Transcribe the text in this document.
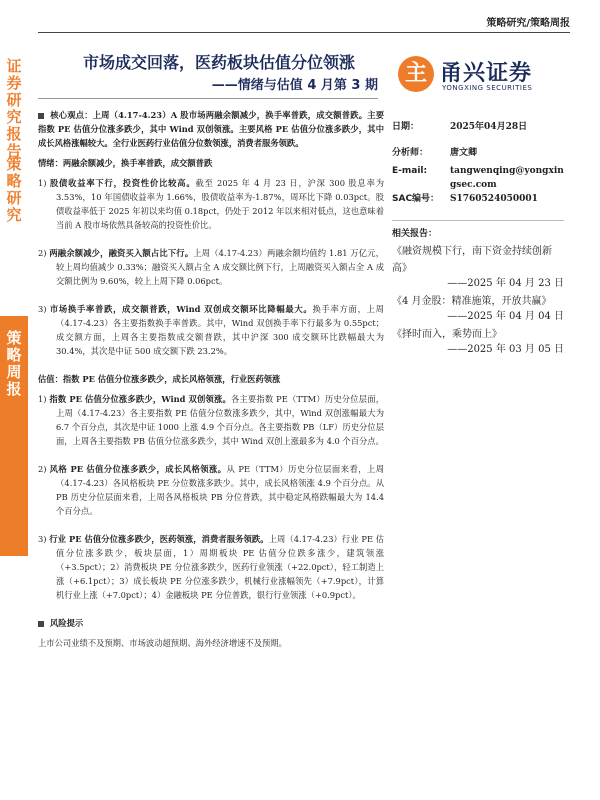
证券研究报告
策略研究
策略周报
策略研究/策略周报
市场成交回落，医药板块估值分位领涨
——情绪与估值 4 月第 3 期	主 甬兴证券
YONGXING SECURITIES

核心观点：上周（4.17-4.23）A 股市场两融余额减少，换手率普跌，成交额普跌。主要指数 PE 估值分位涨多跌少，其中 Wind 双创领涨。主要风格 PE 估值分位涨多跌少，其中成长风格涨幅较大。全行业医药行业估值分位数领涨，消费者服务领跌。

情绪：两融余额减少，换手率普跌，成交额普跌

1) 股债收益率下行，投资性价比较高。截至 2025 年 4 月 23 日，沪深 300 股息率为 3.53%，10 年国债收益率为 1.66%，股债收益率为-1.87%，周环比下降 0.03pct。股债收益率低于 2025 年初以来均值 0.18pct，仍处于 2012 年以来相对低点，这也意味着当前 A 股市场依然具备较高的投资性价比。
2) 两融余额减少，融资买入额占比下行。上周（4.17-4.23）两融余额均值约 1.81 万亿元，较上周均值减少 0.33%；融资买入额占全 A 成交额比例下行，上周融资买入额占全 A 成交额比例为 9.60%，较上上周下降 0.06pct。
3) 市场换手率普跌，成交额普跌，Wind 双创成交额环比降幅最大。换手率方面，上周（4.17-4.23）各主要指数换手率普跌。其中，Wind 双创换手率下行最多为 0.55pct；成交额方面，上周各主要指数成交额普跌，其中沪深 300 成交额环比跌幅最大为 30.4%，其次是中证 500 成交额下跌 23.2%。

估值：指数 PE 估值分位涨多跌少，成长风格领涨，行业医药领涨

1) 指数 PE 估值分位涨多跌少，Wind 双创领涨。各主要指数 PE（TTM）历史分位层面，上周（4.17-4.23）各主要指数 PE 估值分位数涨多跌少，其中，Wind 双创涨幅最大为 6.7 个百分点，其次是中证 1000 上涨 4.9 个百分点。各主要指数 PB（LF）历史分位层面，上周各主要指数 PB 估值分位涨多跌少，其中 Wind 双创上涨最多为 4.0 个百分点。
2) 风格 PE 估值分位涨多跌少，成长风格领涨。从 PE（TTM）历史分位层面来看，上周（4.17-4.23）各风格板块 PE 分位数涨多跌少。其中，成长风格领涨 4.9 个百分点。从 PB 历史分位层面来看，上周各风格板块 PB 分位普跌，其中稳定风格跌幅最大为 14.4 个百分点。
3) 行业 PE 估值分位涨多跌少，医药领涨，消费者服务领跌。上周（4.17-4.23）行业 PE 估值分位涨多跌少，板块层面，1）周期板块 PE 估值分位跌多涨少，建筑领涨（+3.5pct）；2）消费板块 PE 分位涨多跌少，医药行业领涨（+22.0pct），轻工制造上涨（+6.1pct）；3）成长板块 PE 分位涨多跌少，机械行业涨幅领先（+7.9pct），计算机行业上涨（+7.0pct）；4）金融板块 PE 分位普跌，银行行业领涨（+0.9pct）。

风险提示

上市公司业绩不及预期、市场波动超预期、海外经济增速不及预期。

日期：	2025年04月28日
分析师：	唐文卿
E-mail:	tangwenqing@yongxingsec.com
SAC编号：	S1760524050001
相关报告：
《融资规模下行，南下资金持续创新高》
——2025 年 04 月 23 日
《4 月金股：精准施策，开放共赢》
——2025 年 04 月 04 日
《择时而入，乘势而上》
——2025 年 03 月 05 日
